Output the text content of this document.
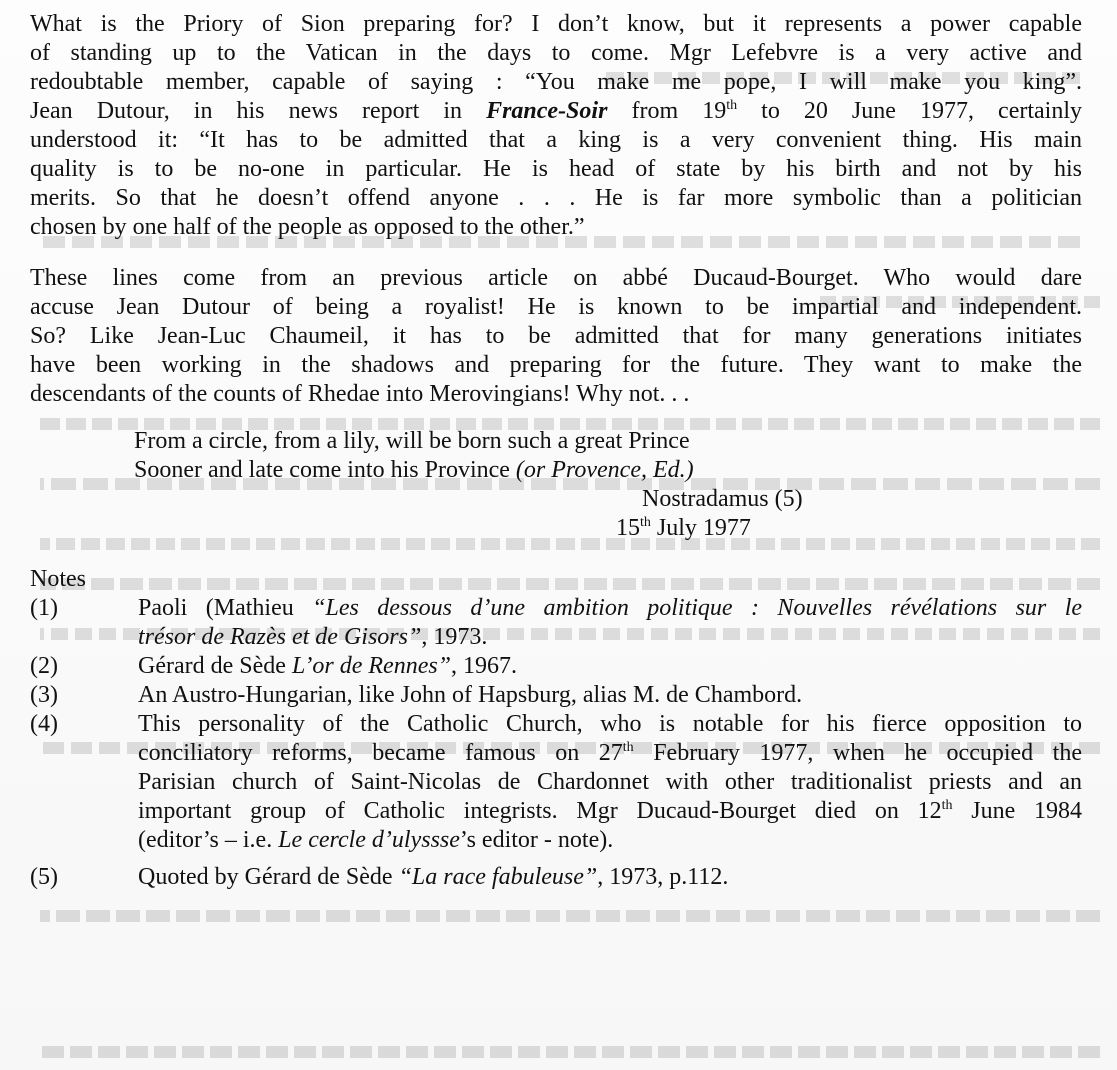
What is the Priory of Sion preparing for? I don’t know, but it represents a power capable
of standing up to the Vatican in the days to come. Mgr Lefebvre is a very active and
redoubtable member, capable of saying : “You make me pope, I will make you king”.
Jean Dutour, in his news report in France-Soir from 19th to 20 June 1977, certainly
understood it: “It has to be admitted that a king is a very convenient thing. His main
quality is to be no-one in particular. He is head of state by his birth and not by his
merits. So that he doesn’t offend anyone . . . He is far more symbolic than a politician
chosen by one half of the people as opposed to the other.”
These lines come from an previous article on abbé Ducaud-Bourget. Who would dare
accuse Jean Dutour of being a royalist! He is known to be impartial and independent.
So? Like Jean-Luc Chaumeil, it has to be admitted that for many generations initiates
have been working in the shadows and preparing for the future. They want to make the
descendants of the counts of Rhedae into Merovingians! Why not. . .
From a circle, from a lily, will be born such a great Prince
Sooner and late come into his Province (or Provence, Ed.)
Nostradamus (5)
15th July 1977
Notes
(1)	Paoli (Mathieu “Les dessous d’une ambition politique : Nouvelles révélations sur le
trésor de Razès et de Gisors”, 1973.
(2)	Gérard de Sède L’or de Rennes”, 1967.
(3)	An Austro-Hungarian, like John of Hapsburg, alias M. de Chambord.
(4)	This personality of the Catholic Church, who is notable for his fierce opposition to
conciliatory reforms, became famous on 27th February 1977, when he occupied the
Parisian church of Saint-Nicolas de Chardonnet with other traditionalist priests and an
important group of Catholic integrists. Mgr Ducaud-Bourget died on 12th June 1984
(editor’s – i.e. Le cercle d’ulyssse’s editor - note).
(5)	Quoted by Gérard de Sède “La race fabuleuse”, 1973, p.112.
